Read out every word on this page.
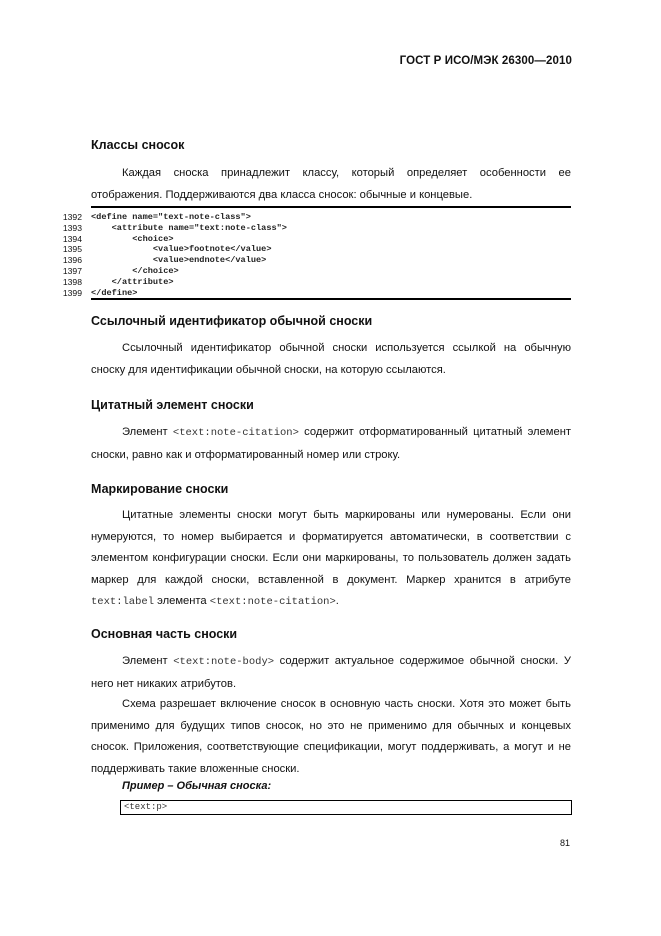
ГОСТ Р ИСО/МЭК 26300—2010
Классы сносок
Каждая сноска принадлежит классу, который определяет особенности ее отображения. Поддерживаются два класса сносок: обычные и концевые.
1392 <define name="text-note-class">
1393 <attribute name="text:note-class">
1394 <choice>
1395 <value>footnote</value>
1396 <value>endnote</value>
1397 </choice>
1398 </attribute>
1399 </define>
Ссылочный идентификатор обычной сноски
Ссылочный идентификатор обычной сноски используется ссылкой на обычную сноску для идентификации обычной сноски, на которую ссылаются.
Цитатный элемент сноски
Элемент <text:note-citation> содержит отформатированный цитатный элемент сноски, равно как и отформатированный номер или строку.
Маркирование сноски
Цитатные элементы сноски могут быть маркированы или нумерованы. Если они нумеруются, то номер выбирается и форматируется автоматически, в соответствии с элементом конфигурации сноски. Если они маркированы, то пользователь должен задать маркер для каждой сноски, вставленной в документ. Маркер хранится в атрибуте text:label элемента <text:note-citation>.
Основная часть сноски
Элемент <text:note-body> содержит актуальное содержимое обычной сноски. У него нет никаких атрибутов.
Схема разрешает включение сносок в основную часть сноски. Хотя это может быть применимо для будущих типов сносок, но это не применимо для обычных и концевых сносок. Приложения, соответствующие спецификации, могут поддерживать, а могут и не поддерживать такие вложенные сноски.
Пример – Обычная сноска:
<text:p>
81
